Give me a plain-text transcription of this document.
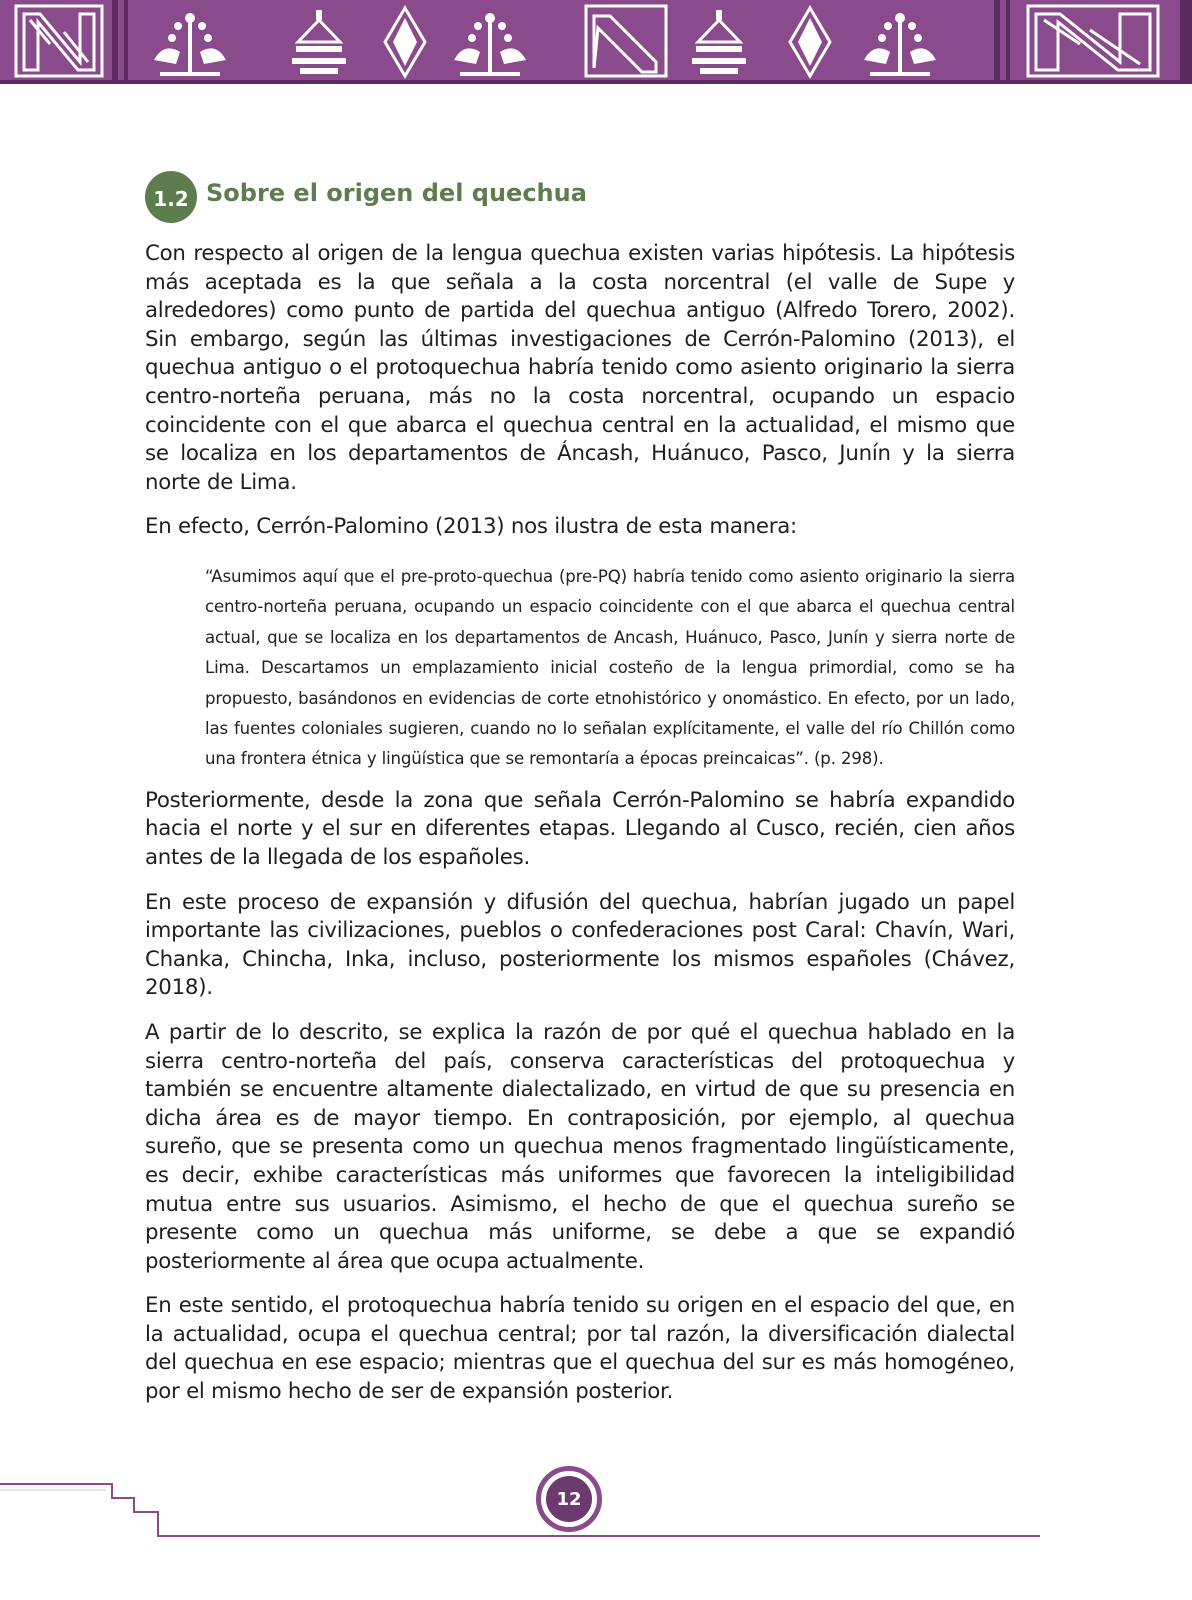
1.2 Sobre el origen del quechua

Con respecto al origen de la lengua quechua existen varias hipótesis. La hipótesis más aceptada es la que señala a la costa norcentral (el valle de Supe y alrededores) como punto de partida del quechua antiguo (Alfredo Torero, 2002). Sin embargo, según las últimas investigaciones de Cerrón-Palomino (2013), el quechua antiguo o el protoquechua habría tenido como asiento originario la sierra centro-norteña peruana, más no la costa norcentral, ocupando un espacio coincidente con el que abarca el quechua central en la actualidad, el mismo que se localiza en los departamentos de Áncash, Huánuco, Pasco, Junín y la sierra norte de Lima.

En efecto, Cerrón-Palomino (2013) nos ilustra de esta manera:

“Asumimos aquí que el pre-proto-quechua (pre-PQ) habría tenido como asiento originario la sierra centro-norteña peruana, ocupando un espacio coincidente con el que abarca el quechua central actual, que se localiza en los departamentos de Ancash, Huánuco, Pasco, Junín y sierra norte de Lima. Descartamos un emplazamiento inicial costeño de la lengua primordial, como se ha propuesto, basándonos en evidencias de corte etnohistórico y onomástico. En efecto, por un lado, las fuentes coloniales sugieren, cuando no lo señalan explícitamente, el valle del río Chillón como una frontera étnica y lingüística que se remontaría a épocas preincaicas”. (p. 298).

Posteriormente, desde la zona que señala Cerrón-Palomino se habría expandido hacia el norte y el sur en diferentes etapas. Llegando al Cusco, recién, cien años antes de la llegada de los españoles.

En este proceso de expansión y difusión del quechua, habrían jugado un papel importante las civilizaciones, pueblos o confederaciones post Caral: Chavín, Wari, Chanka, Chincha, Inka, incluso, posteriormente los mismos españoles (Chávez, 2018).

A partir de lo descrito, se explica la razón de por qué el quechua hablado en la sierra centro-norteña del país, conserva características del protoquechua y también se encuentre altamente dialectalizado, en virtud de que su presencia en dicha área es de mayor tiempo. En contraposición, por ejemplo, al quechua sureño, que se presenta como un quechua menos fragmentado lingüísticamente, es decir, exhibe características más uniformes que favorecen la inteligibilidad mutua entre sus usuarios. Asimismo, el hecho de que el quechua sureño se presente como un quechua más uniforme, se debe a que se expandió posteriormente al área que ocupa actualmente.

En este sentido, el protoquechua habría tenido su origen en el espacio del que, en la actualidad, ocupa el quechua central; por tal razón, la diversificación dialectal del quechua en ese espacio; mientras que el quechua del sur es más homogéneo, por el mismo hecho de ser de expansión posterior.

12
